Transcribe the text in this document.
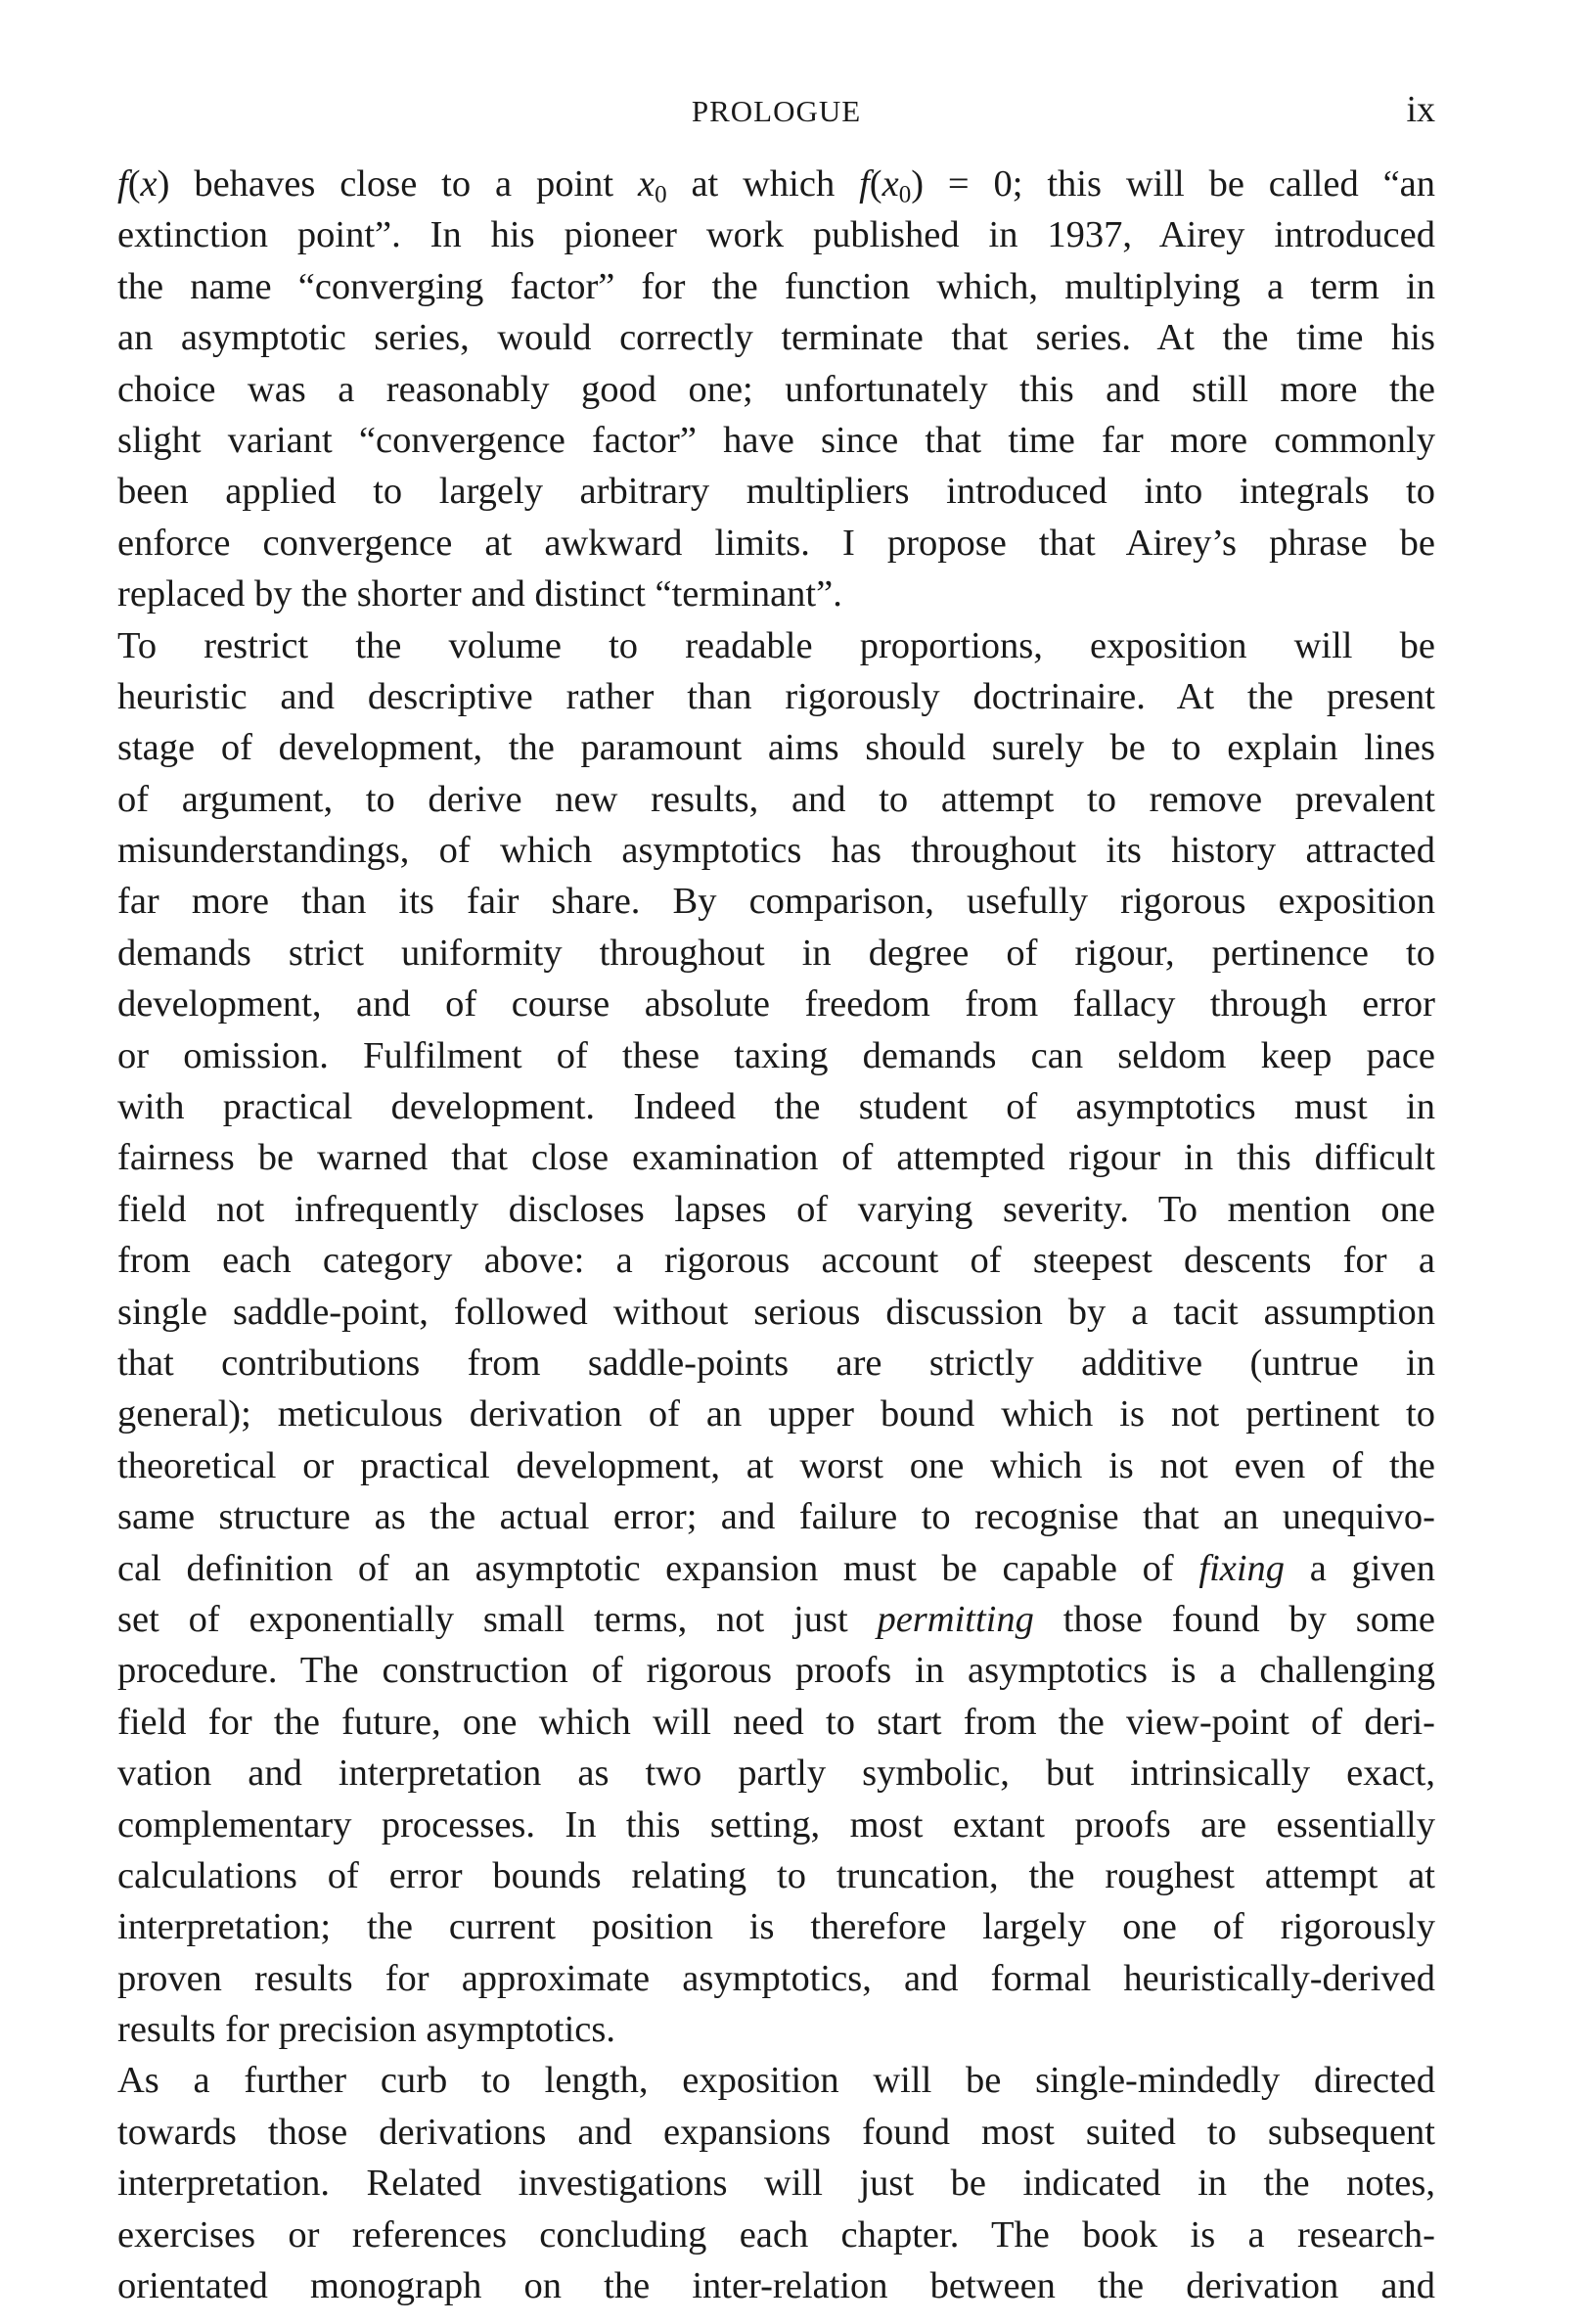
PROLOGUE	ix
f(x) behaves close to a point $x_0$ at which $f(x_0) = 0$; this will be called “an
extinction point”. In his pioneer work published in 1937, Airey introduced
the name “converging factor” for the function which, multiplying a term in
an asymptotic series, would correctly terminate that series. At the time his
choice was a reasonably good one; unfortunately this and still more the
slight variant “convergence factor” have since that time far more commonly
been applied to largely arbitrary multipliers introduced into integrals to
enforce convergence at awkward limits. I propose that Airey’s phrase be
replaced by the shorter and distinct “terminant”.
To restrict the volume to readable proportions, exposition will be
heuristic and descriptive rather than rigorously doctrinaire. At the present
stage of development, the paramount aims should surely be to explain lines
of argument, to derive new results, and to attempt to remove prevalent
misunderstandings, of which asymptotics has throughout its history attracted
far more than its fair share. By comparison, usefully rigorous exposition
demands strict uniformity throughout in degree of rigour, pertinence to
development, and of course absolute freedom from fallacy through error
or omission. Fulfilment of these taxing demands can seldom keep pace
with practical development. Indeed the student of asymptotics must in
fairness be warned that close examination of attempted rigour in this difficult
field not infrequently discloses lapses of varying severity. To mention one
from each category above: a rigorous account of steepest descents for a
single saddle-point, followed without serious discussion by a tacit assumption
that contributions from saddle-points are strictly additive (untrue in
general); meticulous derivation of an upper bound which is not pertinent to
theoretical or practical development, at worst one which is not even of the
same structure as the actual error; and failure to recognise that an unequivo-
cal definition of an asymptotic expansion must be capable of fixing a given
set of exponentially small terms, not just permitting those found by some
procedure. The construction of rigorous proofs in asymptotics is a challenging
field for the future, one which will need to start from the view-point of deri-
vation and interpretation as two partly symbolic, but intrinsically exact,
complementary processes. In this setting, most extant proofs are essentially
calculations of error bounds relating to truncation, the roughest attempt at
interpretation; the current position is therefore largely one of rigorously
proven results for approximate asymptotics, and formal heuristically-derived
results for precision asymptotics.
As a further curb to length, exposition will be single-mindedly directed
towards those derivations and expansions found most suited to subsequent
interpretation. Related investigations will just be indicated in the notes,
exercises or references concluding each chapter. The book is a research-
orientated monograph on the inter-relation between the derivation and
